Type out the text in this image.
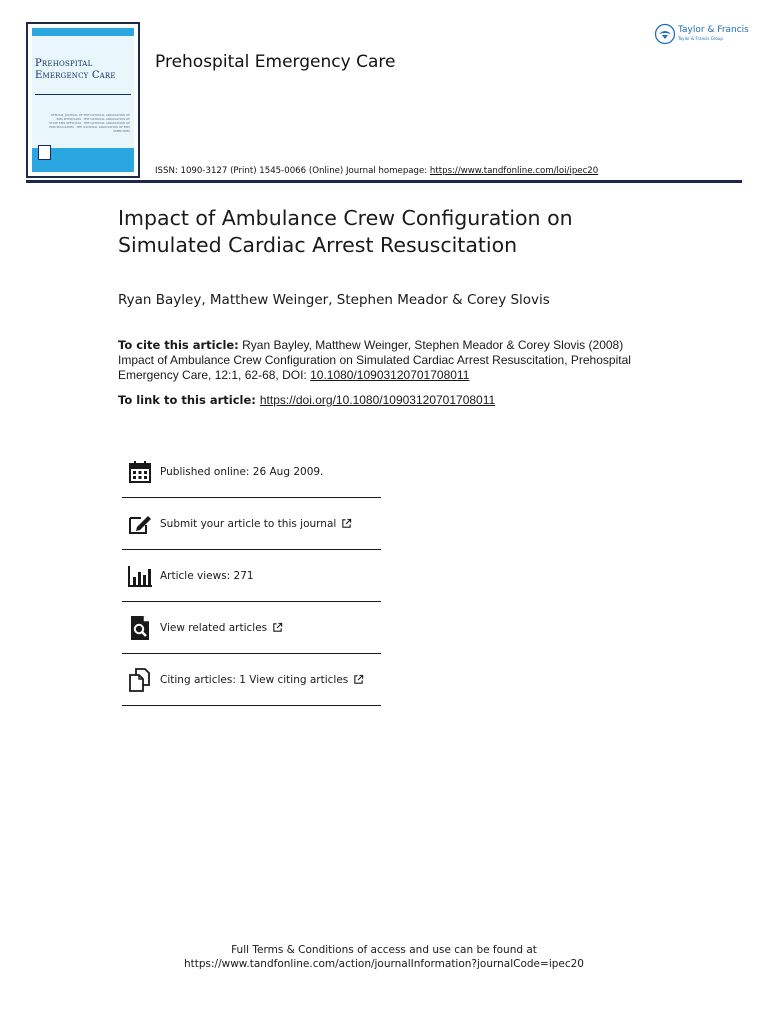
Prehospital
Emergency Care
OFFICIAL JOURNAL OF THE NATIONAL ASSOCIATION OF EMS PHYSICIANS · THE NATIONAL ASSOCIATION OF STATE EMS OFFICIALS · THE NATIONAL ASSOCIATION OF EMS EDUCATORS · THE NATIONAL ASSOCIATION OF EMS DIRECTORS
Prehospital Emergency Care
Taylor & Francis
Taylor & Francis Group
ISSN: 1090-3127 (Print) 1545-0066 (Online) Journal homepage: https://www.tandfonline.com/loi/ipec20
Impact of Ambulance Crew Configuration on Simulated Cardiac Arrest Resuscitation
Ryan Bayley, Matthew Weinger, Stephen Meador & Corey Slovis
To cite this article: Ryan Bayley, Matthew Weinger, Stephen Meador & Corey Slovis (2008) Impact of Ambulance Crew Configuration on Simulated Cardiac Arrest Resuscitation, Prehospital Emergency Care, 12:1, 62-68, DOI: 10.1080/10903120701708011
To link to this article: https://doi.org/10.1080/10903120701708011
Published online: 26 Aug 2009.
Submit your article to this journal
Article views: 271
View related articles
Citing articles: 1 View citing articles
Full Terms & Conditions of access and use can be found at
https://www.tandfonline.com/action/journalInformation?journalCode=ipec20
